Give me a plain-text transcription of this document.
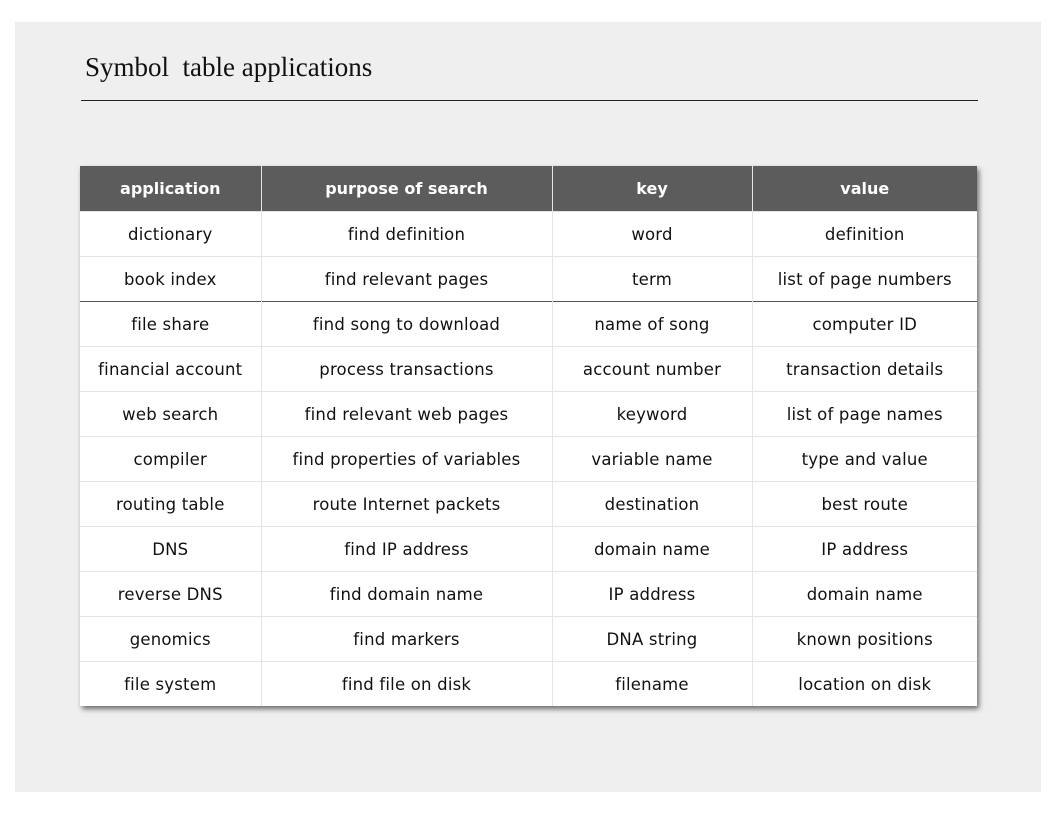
Symbol  table applications
application	purpose of search	key	value
dictionary	find definition	word	definition
book index	find relevant pages	term	list of page numbers
file share	find song to download	name of song	computer ID
financial account	process transactions	account number	transaction details
web search	find relevant web pages	keyword	list of page names
compiler	find properties of variables	variable name	type and value
routing table	route Internet packets	destination	best route
DNS	find IP address	domain name	IP address
reverse DNS	find domain name	IP address	domain name
genomics	find markers	DNA string	known positions
file system	find file on disk	filename	location on disk
